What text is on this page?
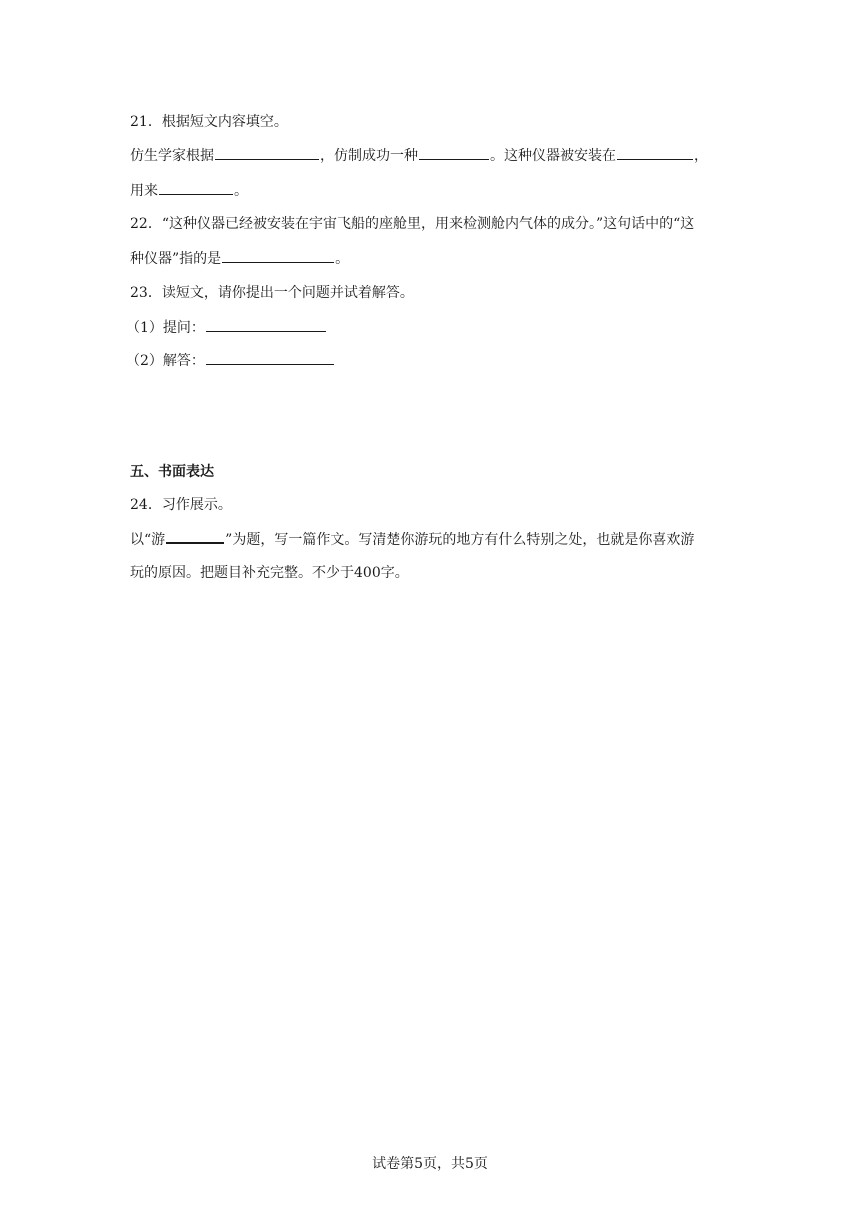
21．根据短文内容填空。
仿生学家根据	，仿制成功一种	。这种仪器被安装在	，
用来	。
22．“这种仪器已经被安装在宇宙飞船的座舱里，用来检测舱内气体的成分。”这句话中的“这
种仪器”指的是	。
23．读短文，请你提出一个问题并试着解答。
（1）提问：
（2）解答：
五、书面表达
24．习作展示。
以“游	”为题，写一篇作文。写清楚你游玩的地方有什么特别之处，也就是你喜欢游
玩的原因。把题目补充完整。不少于400字。
试卷第5页，共5页
